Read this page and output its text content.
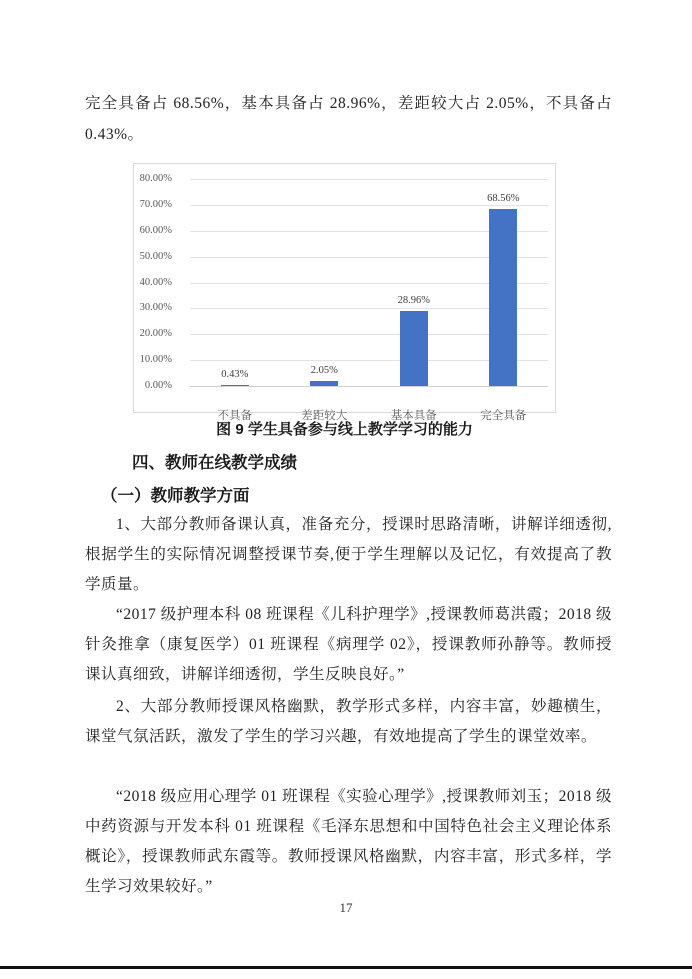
完全具备占 68.56%，基本具备占 28.96%，差距较大占 2.05%，不具备占 0.43%。

0.00%
10.00%
20.00%
30.00%
40.00%
50.00%
60.00%
70.00%
80.00%
0.43%
不具备
2.05%
差距较大
28.96%
基本具备
68.56%
完全具备
图 9 学生具备参与线上教学学习的能力
四、教师在线教学成绩
（一）教师教学方面

1、大部分教师备课认真，准备充分，授课时思路清晰，讲解详细透彻,根据学生的实际情况调整授课节奏,便于学生理解以及记忆，有效提高了教学质量。

“2017 级护理本科 08 班课程《儿科护理学》,授课教师葛洪霞；2018 级针灸推拿（康复医学）01 班课程《病理学 02》，授课教师孙静等。教师授课认真细致，讲解详细透彻，学生反映良好。”

2、大部分教师授课风格幽默，教学形式多样，内容丰富，妙趣横生，课堂气氛活跃，激发了学生的学习兴趣，有效地提高了学生的课堂效率。

“2018 级应用心理学 01 班课程《实验心理学》,授课教师刘玉；2018 级中药资源与开发本科 01 班课程《毛泽东思想和中国特色社会主义理论体系概论》，授课教师武东霞等。教师授课风格幽默，内容丰富，形式多样，学生学习效果较好。”

17
